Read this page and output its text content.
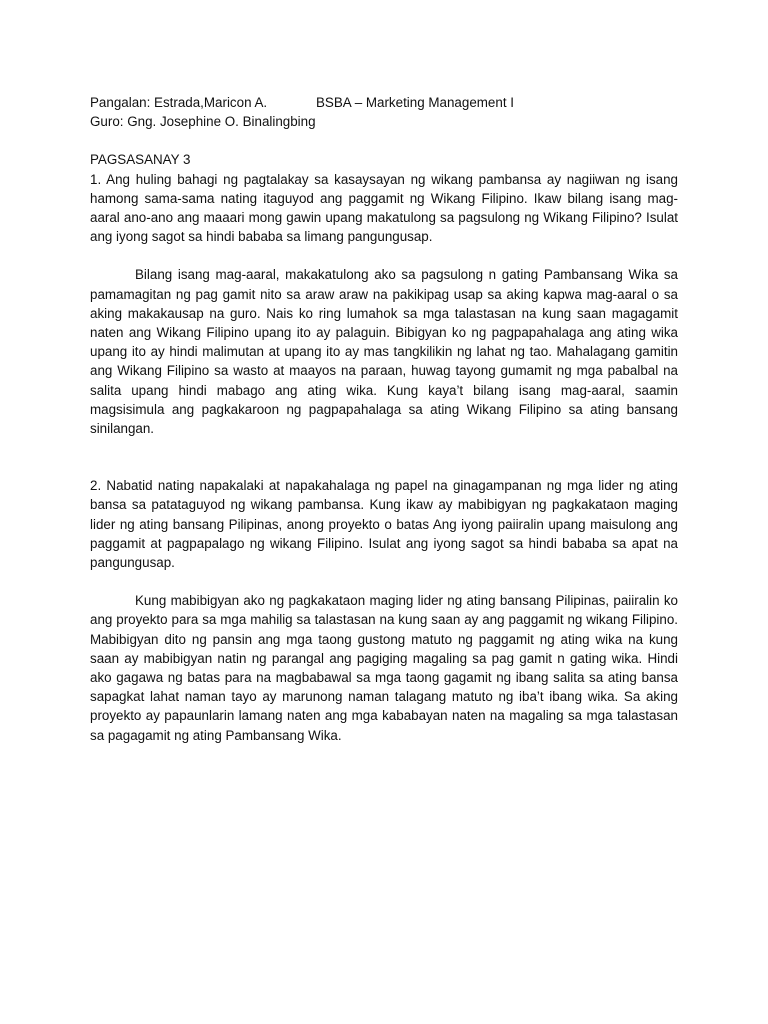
Pangalan: Estrada,Maricon A.	BSBA – Marketing Management I

Guro: Gng. Josephine O. Binalingbing

PAGSASANAY 3

1. Ang huling bahagi ng pagtalakay sa kasaysayan ng wikang pambansa ay nagiiwan ng isang hamong sama-sama nating itaguyod ang paggamit ng Wikang Filipino. Ikaw bilang isang mag-aaral ano-ano ang maaari mong gawin upang makatulong sa pagsulong ng Wikang Filipino? Isulat ang iyong sagot sa hindi bababa sa limang pangungusap.

Bilang isang mag-aaral, makakatulong ako sa pagsulong n gating Pambansang Wika sa pamamagitan ng pag gamit nito sa araw araw na pakikipag usap sa aking kapwa mag-aaral o sa aking makakausap na guro. Nais ko ring lumahok sa mga talastasan na kung saan magagamit naten ang Wikang Filipino upang ito ay palaguin. Bibigyan ko ng pagpapahalaga ang ating wika upang ito ay hindi malimutan at upang ito ay mas tangkilikin ng lahat ng tao. Mahalagang gamitin ang Wikang Filipino sa wasto at maayos na paraan, huwag tayong gumamit ng mga pabalbal na salita upang hindi mabago ang ating wika. Kung kaya’t bilang isang mag-aaral, saamin magsisimula ang pagkakaroon ng pagpapahalaga sa ating Wikang Filipino sa ating bansang sinilangan.

2. Nabatid nating napakalaki at napakahalaga ng papel na ginagampanan ng mga lider ng ating bansa sa patataguyod ng wikang pambansa. Kung ikaw ay mabibigyan ng pagkakataon maging lider ng ating bansang Pilipinas, anong proyekto o batas Ang iyong paiiralin upang maisulong ang paggamit at pagpapalago ng wikang Filipino. Isulat ang iyong sagot sa hindi bababa sa apat na pangungusap.

Kung mabibigyan ako ng pagkakataon maging lider ng ating bansang Pilipinas, paiiralin ko ang proyekto para sa mga mahilig sa talastasan na kung saan ay ang paggamit ng wikang Filipino. Mabibigyan dito ng pansin ang mga taong gustong matuto ng paggamit ng ating wika na kung saan ay mabibigyan natin ng parangal ang pagiging magaling sa pag gamit n gating wika. Hindi ako gagawa ng batas para na magbabawal sa mga taong gagamit ng ibang salita sa ating bansa sapagkat lahat naman tayo ay marunong naman talagang matuto ng iba’t ibang wika. Sa aking proyekto ay papaunlarin lamang naten ang mga kababayan naten na magaling sa mga talastasan sa pagagamit ng ating Pambansang Wika.
